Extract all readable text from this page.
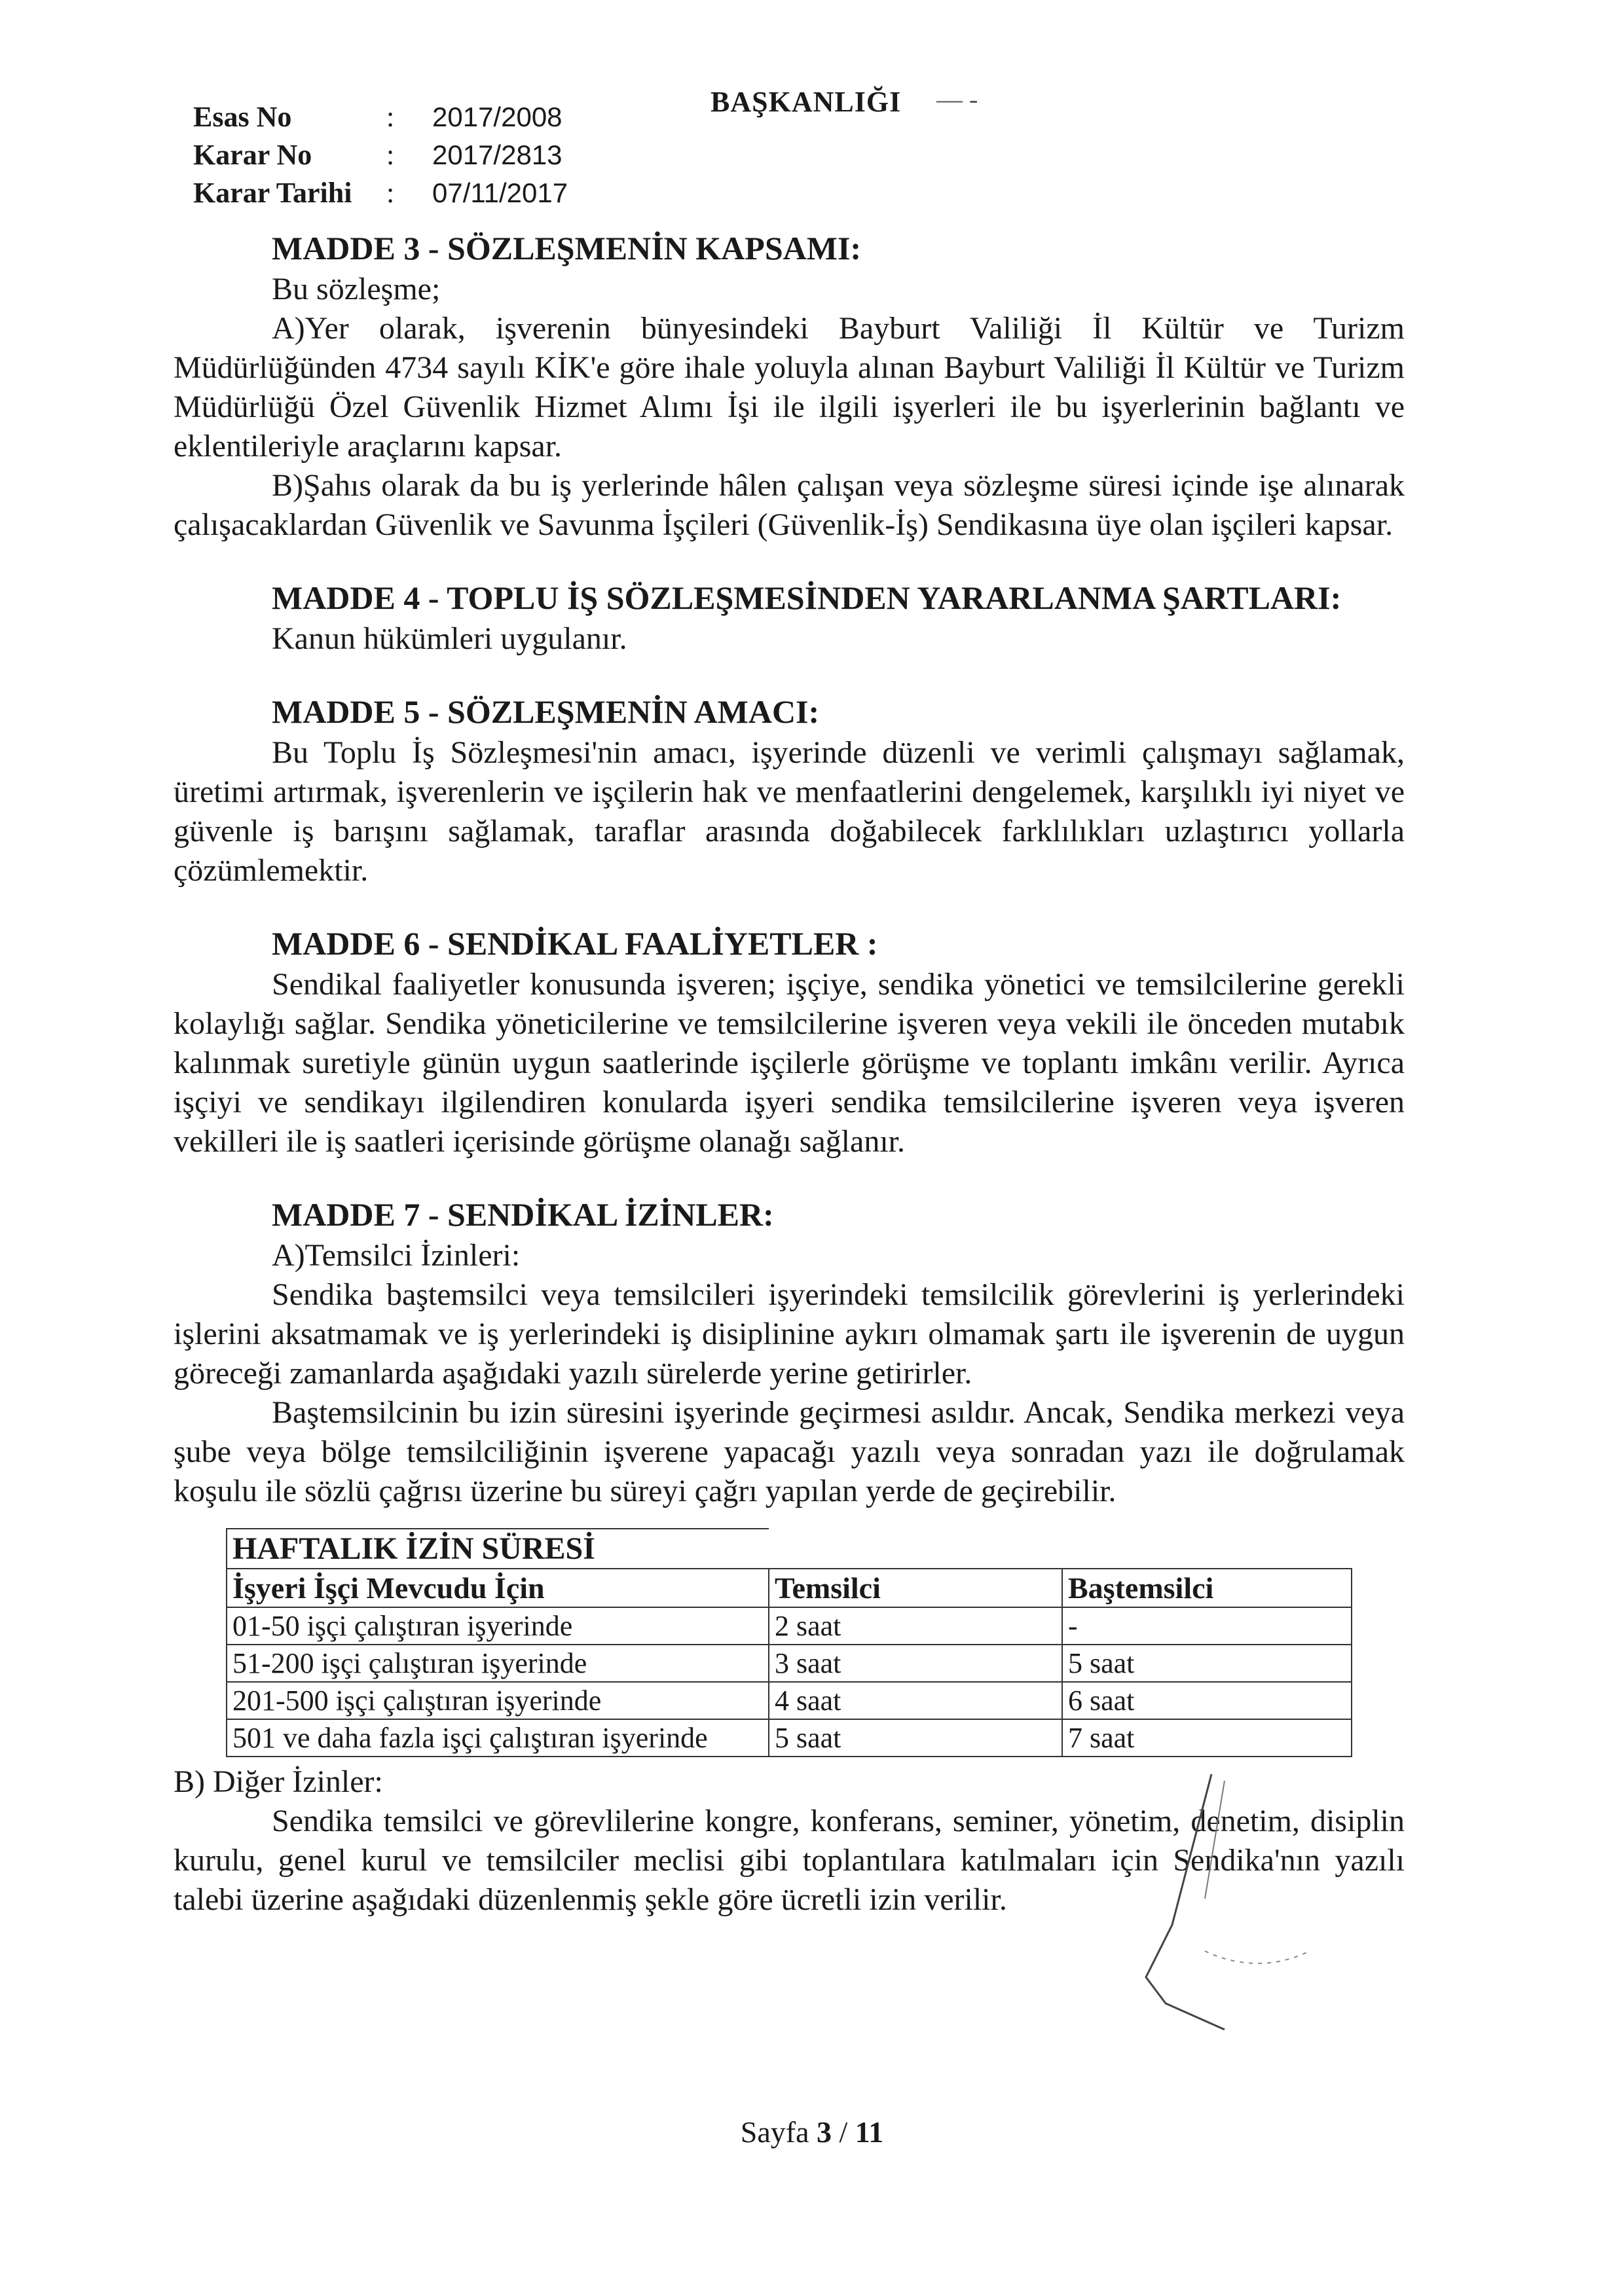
Esas No	:	2017/2008
Karar No	:	2017/2813
Karar Tarihi	:	07/11/2017
BAŞKANLIĞI — -
MADDE 3 - SÖZLEŞMENİN KAPSAMI:

Bu sözleşme;

A)Yer olarak, işverenin bünyesindeki Bayburt Valiliği İl Kültür ve Turizm Müdürlüğünden 4734 sayılı KİK'e göre ihale yoluyla alınan Bayburt Valiliği İl Kültür ve Turizm Müdürlüğü Özel Güvenlik Hizmet Alımı İşi ile ilgili işyerleri ile bu işyerlerinin bağlantı ve eklentileriyle araçlarını kapsar.

B)Şahıs olarak da bu iş yerlerinde hâlen çalışan veya sözleşme süresi içinde işe alınarak çalışacaklardan Güvenlik ve Savunma İşçileri (Güvenlik-İş) Sendikasına üye olan işçileri kapsar.

MADDE 4 - TOPLU İŞ SÖZLEŞMESİNDEN YARARLANMA ŞARTLARI:

Kanun hükümleri uygulanır.

MADDE 5 - SÖZLEŞMENİN AMACI:

Bu Toplu İş Sözleşmesi'nin amacı, işyerinde düzenli ve verimli çalışmayı sağlamak, üretimi artırmak, işverenlerin ve işçilerin hak ve menfaatlerini dengelemek, karşılıklı iyi niyet ve güvenle iş barışını sağlamak, taraflar arasında doğabilecek farklılıkları uzlaştırıcı yollarla çözümlemektir.

MADDE 6 - SENDİKAL FAALİYETLER :

Sendikal faaliyetler konusunda işveren; işçiye, sendika yönetici ve temsilcilerine gerekli kolaylığı sağlar. Sendika yöneticilerine ve temsilcilerine işveren veya vekili ile önceden mutabık kalınmak suretiyle günün uygun saatlerinde işçilerle görüşme ve toplantı imkânı verilir. Ayrıca işçiyi ve sendikayı ilgilendiren konularda işyeri sendika temsilcilerine işveren veya işveren vekilleri ile iş saatleri içerisinde görüşme olanağı sağlanır.

MADDE 7 - SENDİKAL İZİNLER:

A)Temsilci İzinleri:

Sendika baştemsilci veya temsilcileri işyerindeki temsilcilik görevlerini iş yerlerindeki işlerini aksatmamak ve iş yerlerindeki iş disiplinine aykırı olmamak şartı ile işverenin de uygun göreceği zamanlarda aşağıdaki yazılı sürelerde yerine getirirler.

Baştemsilcinin bu izin süresini işyerinde geçirmesi asıldır. Ancak, Sendika merkezi veya şube veya bölge temsilciliğinin işverene yapacağı yazılı veya sonradan yazı ile doğrulamak koşulu ile sözlü çağrısı üzerine bu süreyi çağrı yapılan yerde de geçirebilir.

HAFTALIK İZİN SÜRESİ		
İşyeri İşçi Mevcudu İçin	Temsilci	Baştemsilci
01-50 işçi çalıştıran işyerinde	2 saat	-
51-200 işçi çalıştıran işyerinde	3 saat	5 saat
201-500 işçi çalıştıran işyerinde	4 saat	6 saat
501 ve daha fazla işçi çalıştıran işyerinde	5 saat	7 saat

B) Diğer İzinler:

Sendika temsilci ve görevlilerine kongre, konferans, seminer, yönetim, denetim, disiplin kurulu, genel kurul ve temsilciler meclisi gibi toplantılara katılmaları için Sendika'nın yazılı talebi üzerine aşağıdaki düzenlenmiş şekle göre ücretli izin verilir.

Sayfa 3 / 11
